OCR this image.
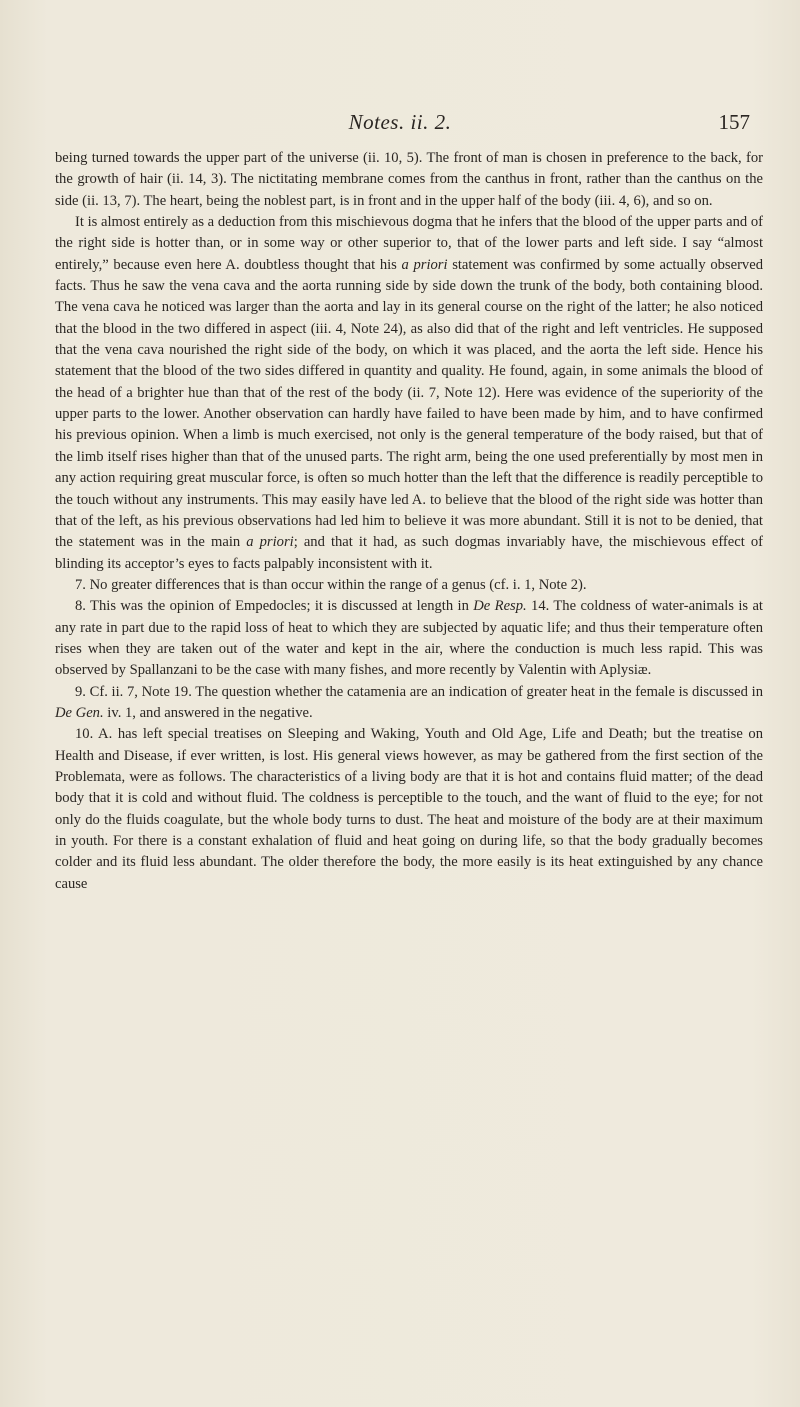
Notes. ii. 2.	157

being turned towards the upper part of the universe (ii. 10, 5). The front of man is chosen in preference to the back, for the growth of hair (ii. 14, 3). The nictitating membrane comes from the canthus in front, rather than the canthus on the side (ii. 13, 7). The heart, being the noblest part, is in front and in the upper half of the body (iii. 4, 6), and so on.

It is almost entirely as a deduction from this mischievous dogma that he infers that the blood of the upper parts and of the right side is hotter than, or in some way or other superior to, that of the lower parts and left side. I say “almost entirely,” because even here A. doubtless thought that his a priori statement was confirmed by some actually observed facts. Thus he saw the vena cava and the aorta running side by side down the trunk of the body, both containing blood. The vena cava he noticed was larger than the aorta and lay in its general course on the right of the latter; he also noticed that the blood in the two differed in aspect (iii. 4, Note 24), as also did that of the right and left ventricles. He supposed that the vena cava nourished the right side of the body, on which it was placed, and the aorta the left side. Hence his statement that the blood of the two sides differed in quantity and quality. He found, again, in some animals the blood of the head of a brighter hue than that of the rest of the body (ii. 7, Note 12). Here was evidence of the superiority of the upper parts to the lower. Another observation can hardly have failed to have been made by him, and to have confirmed his previous opinion. When a limb is much exercised, not only is the general temperature of the body raised, but that of the limb itself rises higher than that of the unused parts. The right arm, being the one used preferentially by most men in any action requiring great muscular force, is often so much hotter than the left that the difference is readily perceptible to the touch without any instruments. This may easily have led A. to believe that the blood of the right side was hotter than that of the left, as his previous observations had led him to believe it was more abundant. Still it is not to be denied, that the statement was in the main a priori; and that it had, as such dogmas invariably have, the mischievous effect of blinding its acceptor’s eyes to facts palpably inconsistent with it.

7. No greater differences that is than occur within the range of a genus (cf. i. 1, Note 2).

8. This was the opinion of Empedocles; it is discussed at length in De Resp. 14. The coldness of water-animals is at any rate in part due to the rapid loss of heat to which they are subjected by aquatic life; and thus their temperature often rises when they are taken out of the water and kept in the air, where the conduction is much less rapid. This was observed by Spallanzani to be the case with many fishes, and more recently by Valentin with Aplysiæ.

9. Cf. ii. 7, Note 19. The question whether the catamenia are an indication of greater heat in the female is discussed in De Gen. iv. 1, and answered in the negative.

10. A. has left special treatises on Sleeping and Waking, Youth and Old Age, Life and Death; but the treatise on Health and Disease, if ever written, is lost. His general views however, as may be gathered from the first section of the Problemata, were as follows. The characteristics of a living body are that it is hot and contains fluid matter; of the dead body that it is cold and without fluid. The coldness is perceptible to the touch, and the want of fluid to the eye; for not only do the fluids coagulate, but the whole body turns to dust. The heat and moisture of the body are at their maximum in youth. For there is a constant exhalation of fluid and heat going on during life, so that the body gradually becomes colder and its fluid less abundant. The older therefore the body, the more easily is its heat extinguished by any chance cause
